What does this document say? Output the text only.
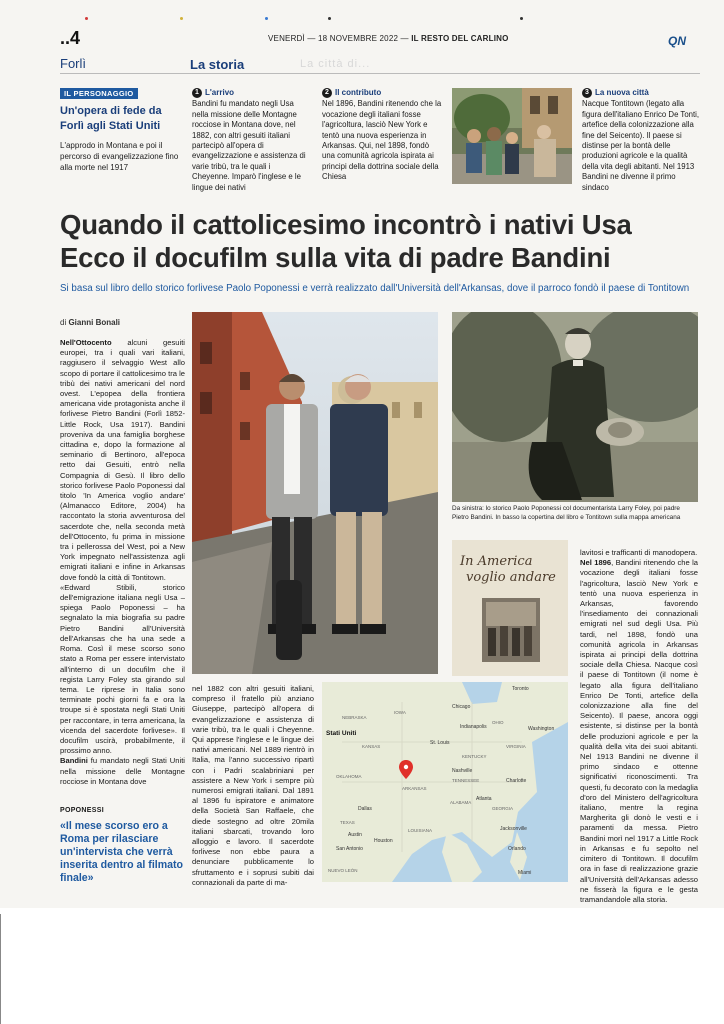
..4	VENERDÌ — 18 NOVEMBRE 2022 — IL RESTO DEL CARLINO	QN
Forlì	La storia	La città di...
IL PERSONAGGIO
Un'opera di fede da Forlì agli Stati Uniti
L'approdo in Montana e poi il percorso di evangelizzazione fino alla morte nel 1917
1 L'arrivo
Bandini fu mandato negli Usa nella missione delle Montagne rocciose in Montana dove, nel 1882, con altri gesuiti italiani partecipò all'opera di evangelizzazione e assistenza di varie tribù, tra le quali i Cheyenne. Imparò l'inglese e le lingue dei nativi
2 Il contributo
Nel 1896, Bandini ritenendo che la vocazione degli italiani fosse l'agricoltura, lasciò New York e tentò una nuova esperienza in Arkansas. Qui, nel 1898, fondò una comunità agricola ispirata ai principi della dottrina sociale della Chiesa
3 La nuova città
Nacque Tontitown (legato alla figura dell'italiano Enrico De Tonti, artefice della colonizzazione alla fine del Seicento). Il paese si distinse per la bontà delle produzioni agricole e la qualità della vita degli abitanti. Nel 1913 Bandini ne divenne il primo sindaco
Quando il cattolicesimo incontrò i nativi Usa
Ecco il docufilm sulla vita di padre Bandini
Si basa sul libro dello storico forlivese Paolo Poponessi e verrà realizzato dall'Università dell'Arkansas, dove il parroco fondò il paese di Tontitown
di Gianni Bonali

Nell'Ottocento alcuni gesuiti europei, tra i quali vari italiani, raggiusero il selvaggio West allo scopo di portare il cattolicesimo tra le tribù dei nativi americani del nord ovest. L'epopea della frontiera americana vide protagonista anche il forlivese Pietro Bandini (Forlì 1852-Little Rock, Usa 1917). Bandini proveniva da una famiglia borghese cittadina e, dopo la formazione al seminario di Bertinoro, all'epoca retto dai Gesuiti, entrò nella Compagnia di Gesù. Il libro dello storico forlivese Paolo Poponessi dal titolo 'In America voglio andare' (Almanacco Editore, 2004) ha raccontato la storia avventurosa del sacerdote che, nella seconda metà dell'Ottocento, fu prima in missione tra i pellerossa del West, poi a New York impegnato nell'assistenza agli emigrati italiani e infine in Arkansas dove fondò la città di Tontitown.

«Edward Stibili, storico dell'emigrazione italiana negli Usa – spiega Paolo Poponessi – ha segnalato la mia biografia su padre Pietro Bandini all'Università dell'Arkansas che ha una sede a Roma. Così il mese scorso sono stato a Roma per essere intervistato all'interno di un docufilm che il regista Larry Foley sta girando sul tema. Le riprese in Italia sono terminate pochi giorni fa e ora la troupe si è spostata negli Stati Uniti per raccontare, in terra americana, la vicenda del sacerdote forlivese». Il docufilm uscirà, probabilmente, il prossimo anno.

Bandini fu mandato negli Stati Uniti nella missione delle Montagne rocciose in Montana dove

POPONESSI
«Il mese scorso ero a Roma per rilasciare un'intervista che verrà inserita dentro al filmato finale»
Da sinistra: lo storico Paolo Poponessi col documentarista Larry Foley, poi padre Pietro Bandini. In basso la copertina del libro e Tontitown sulla mappa americana
In America
voglio andare
Toronto
Chicago
NEBRASKA
IOWA
Stati Uniti
KANSAS
St. Louis
Indianapolis
OHIO
Washington
VIRGINIA
KENTUCKY
OKLAHOMA
Nashville
TENNESSEE	Charlotte
ARKANSAS
Atlanta
Dallas
ALABAMA
GEORGIA
TEXAS
Austin
Houston
LOUISIANA	Jacksonville
San Antonio	Orlando
Miami
NUEVO LEÓN
nel 1882 con altri gesuiti italiani, compreso il fratello più anziano Giuseppe, partecipò all'opera di evangelizzazione e assistenza di varie tribù, tra le quali i Cheyenne. Qui apprese l'inglese e le lingue dei nativi americani. Nel 1889 rientrò in Italia, ma l'anno successivo ripartì con i Padri scalabriniani per assistere a New York i sempre più numerosi emigrati italiani. Dal 1891 al 1896 fu ispiratore e animatore della Società San Raffaele, che diede sostegno ad oltre 20mila italiani sbarcati, trovando loro alloggio e lavoro. Il sacerdote forlivese non ebbe paura a denunciare pubblicamente lo sfruttamento e i soprusi subiti dai connazionali da parte di ma-

lavitosi e trafficanti di manodopera.

Nel 1896, Bandini ritenendo che la vocazione degli italiani fosse l'agricoltura, lasciò New York e tentò una nuova esperienza in Arkansas, favorendo l'insediamento dei connazionali emigrati nel sud degli Usa. Più tardi, nel 1898, fondò una comunità agricola in Arkansas ispirata ai principi della dottrina sociale della Chiesa. Nacque così il paese di Tontitown (il nome è legato alla figura dell'italiano Enrico De Tonti, artefice della colonizzazione alla fine del Seicento). Il paese, ancora oggi esistente, si distinse per la bontà delle produzioni agricole e per la qualità della vita dei suoi abitanti. Nel 1913 Bandini ne divenne il primo sindaco e ottenne significativi riconoscimenti. Tra questi, fu decorato con la medaglia d'oro del Ministero dell'agricoltura italiano, mentre la regina Margherita gli donò le vesti e i paramenti da messa. Pietro Bandini morì nel 1917 a Little Rock in Arkansas e fu sepolto nel cimitero di Tontitown. Il docufilm ora in fase di realizzazione grazie all'Università dell'Arkansas adesso ne fisserà la figura e le gesta tramandandole alla storia.
